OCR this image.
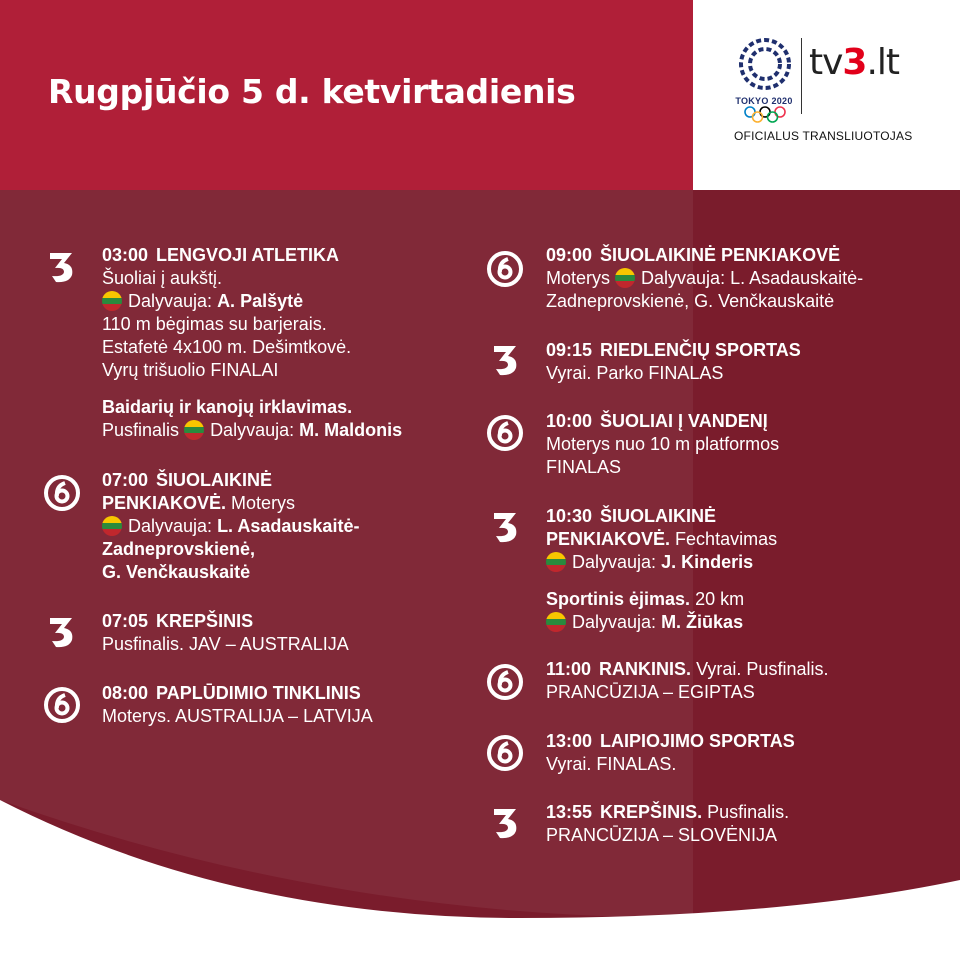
Rugpjūčio 5 d. ketvirtadienis	TOKYO 2020
tv3.lt
OFICIALUS TRANSLIUOTOJAS
03:00 LENGVOJI ATLETIKA
Šuoliai į aukštį.
Dalyvauja: A. Palšytė
110 m bėgimas su barjerais.
Estafetė 4x100 m. Dešimtkovė.
Vyrų trišuolio FINALAI
Baidarių ir kanojų irklavimas.
Pusfinalis Dalyvauja: M. Maldonis
07:00 ŠIUOLAIKINĖ
PENKIAKOVĖ. Moterys
Dalyvauja: L. Asadauskaitė-
Zadneprovskienė,
G. Venčkauskaitė
07:05 KREPŠINIS
Pusfinalis. JAV – AUSTRALIJA
08:00 PAPLŪDIMIO TINKLINIS
Moterys. AUSTRALIJA – LATVIJA
09:00 ŠIUOLAIKINĖ PENKIAKOVĖ
Moterys Dalyvauja: L. Asadauskaitė-
Zadneprovskienė, G. Venčkauskaitė
09:15 RIEDLENČIŲ SPORTAS
Vyrai. Parko FINALAS
10:00 ŠUOLIAI Į VANDENĮ
Moterys nuo 10 m platformos
FINALAS
10:30 ŠIUOLAIKINĖ
PENKIAKOVĖ. Fechtavimas
Dalyvauja: J. Kinderis
Sportinis ėjimas. 20 km
Dalyvauja: M. Žiūkas
11:00 RANKINIS. Vyrai. Pusfinalis.
PRANCŪZIJA – EGIPTAS
13:00 LAIPIOJIMO SPORTAS
Vyrai. FINALAS.
13:55 KREPŠINIS. Pusfinalis.
PRANCŪZIJA – SLOVĖNIJA
